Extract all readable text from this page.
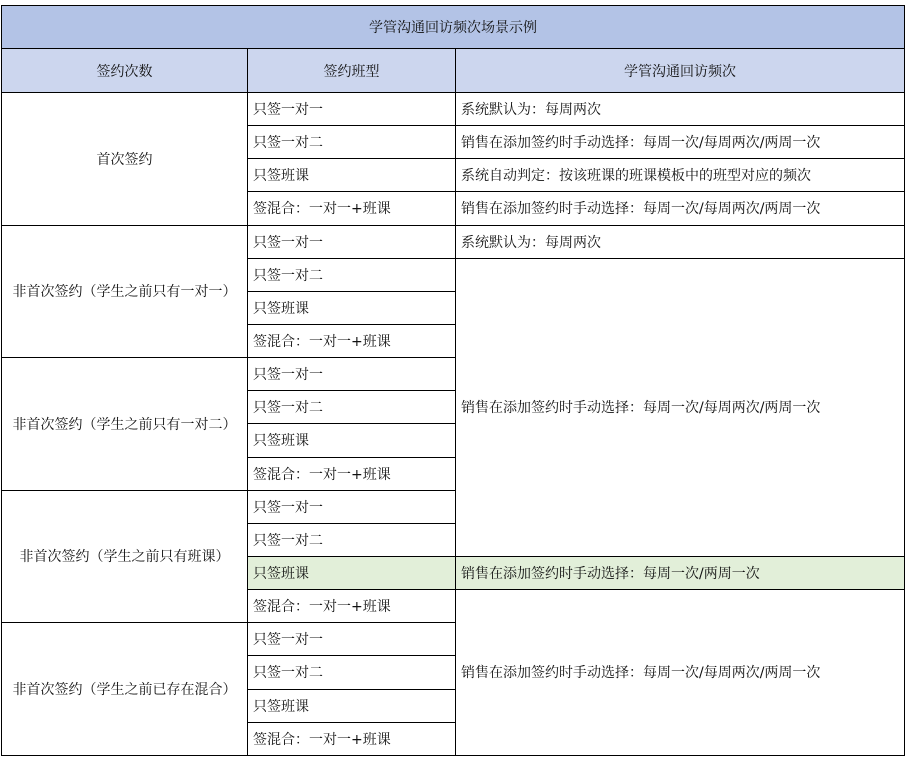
学管沟通回访频次场景示例		
签约次数	签约班型	学管沟通回访频次
首次签约	只签一对一	系统默认为：每周两次
	只签一对二	销售在添加签约时手动选择：每周一次/每周两次/两周一次
	只签班课	系统自动判定：按该班课的班课模板中的班型对应的频次
	签混合：一对一+班课	销售在添加签约时手动选择：每周一次/每周两次/两周一次
非首次签约（学生之前只有一对一）	只签一对一	系统默认为：每周两次
	只签一对二	销售在添加签约时手动选择：每周一次/每周两次/两周一次
	只签班课	
	签混合：一对一+班课	
非首次签约（学生之前只有一对二）	只签一对一	
	只签一对二	
	只签班课	
	签混合：一对一+班课	
非首次签约（学生之前只有班课）	只签一对一	
	只签一对二	
	只签班课	销售在添加签约时手动选择：每周一次/两周一次
	签混合：一对一+班课	销售在添加签约时手动选择：每周一次/每周两次/两周一次
非首次签约（学生之前已存在混合）	只签一对一	
	只签一对二	
	只签班课	
	签混合：一对一+班课	
